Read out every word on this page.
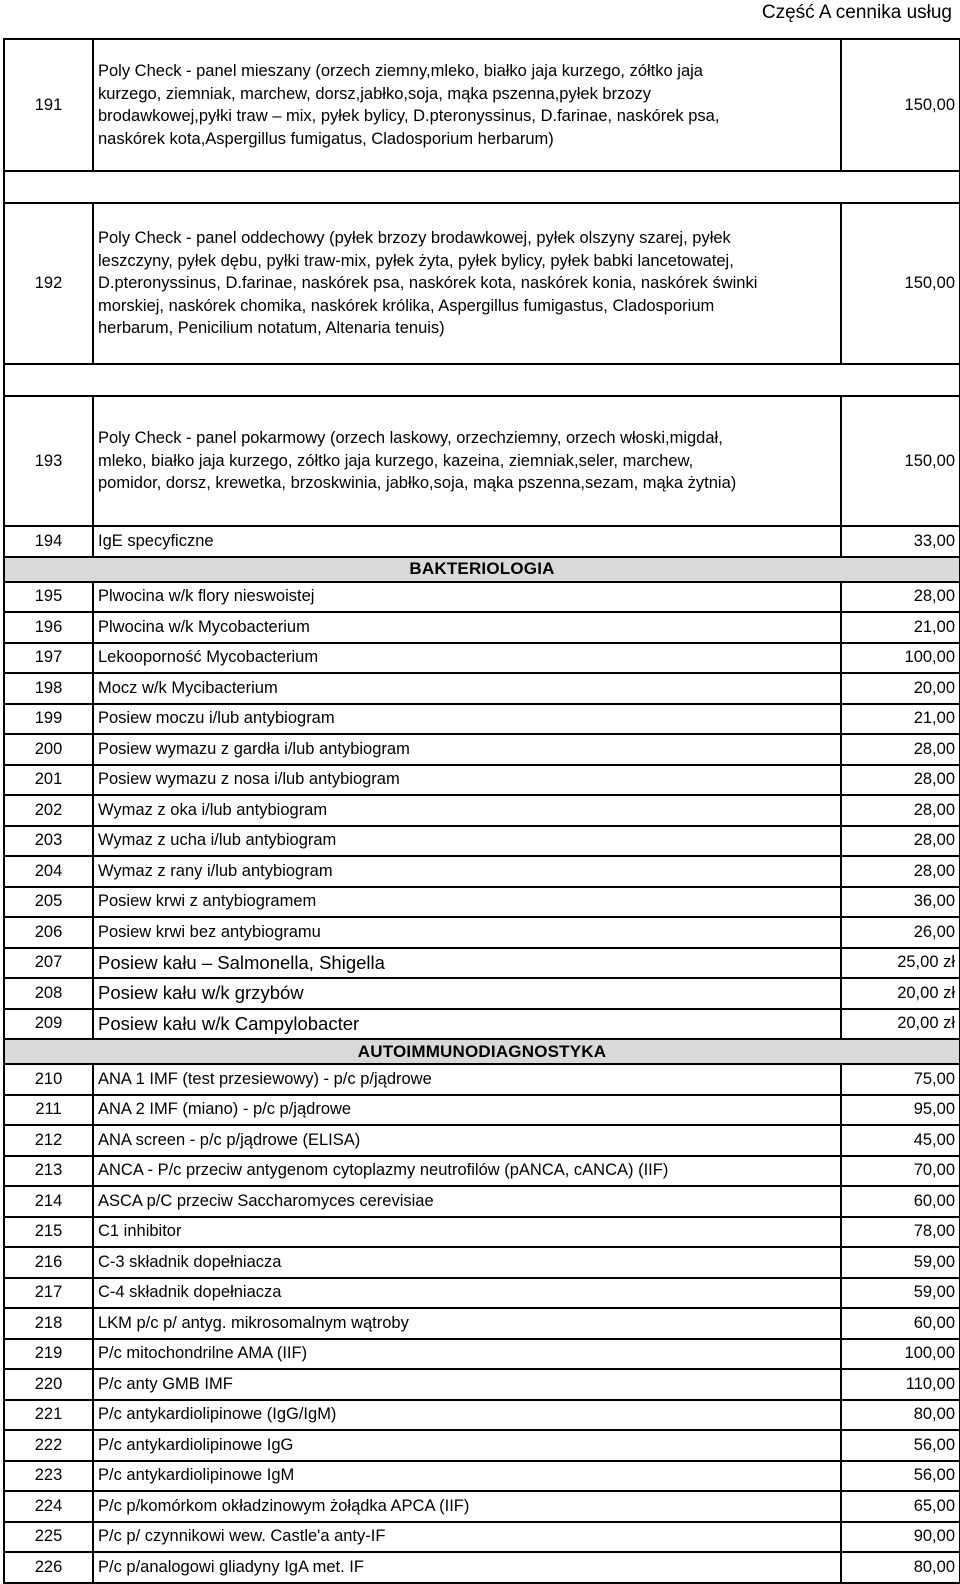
Część A cennika usług
191	Poly Check - panel mieszany (orzech ziemny,mleko, białko jaja kurzego, zółtko jaja
kurzego, ziemniak, marchew, dorsz,jabłko,soja, mąka pszenna,pyłek brzozy
brodawkowej,pyłki traw – mix, pyłek bylicy, D.pteronyssinus, D.farinae, naskórek psa,
naskórek kota,Aspergillus fumigatus, Cladosporium herbarum)	150,00

192	Poly Check - panel oddechowy (pyłek brzozy brodawkowej, pyłek olszyny szarej, pyłek
leszczyny, pyłek dębu, pyłki traw-mix, pyłek żyta, pyłek bylicy, pyłek babki lancetowatej,
D.pteronyssinus, D.farinae, naskórek psa, naskórek kota, naskórek konia, naskórek świnki
morskiej, naskórek chomika, naskórek królika, Aspergillus fumigastus, Cladosporium
herbarum, Penicilium notatum, Altenaria tenuis)	150,00

193	Poly Check - panel pokarmowy (orzech laskowy, orzechziemny, orzech włoski,migdał,
mleko, białko jaja kurzego, zółtko jaja kurzego, kazeina, ziemniak,seler, marchew,
pomidor, dorsz, krewetka, brzoskwinia, jabłko,soja, mąka pszenna,sezam, mąka żytnia)	150,00
194	IgE specyficzne	33,00
BAKTERIOLOGIA		
195	Plwocina w/k flory nieswoistej	28,00
196	Plwocina w/k Mycobacterium	21,00
197	Lekooporność Mycobacterium	100,00
198	Mocz w/k Mycibacterium	20,00
199	Posiew moczu i/lub antybiogram	21,00
200	Posiew wymazu z gardła i/lub antybiogram	28,00
201	Posiew wymazu z nosa i/lub antybiogram	28,00
202	Wymaz z oka i/lub antybiogram	28,00
203	Wymaz z ucha i/lub antybiogram	28,00
204	Wymaz z rany i/lub antybiogram	28,00
205	Posiew krwi z antybiogramem	36,00
206	Posiew krwi bez antybiogramu	26,00
207	Posiew kału – Salmonella, Shigella	25,00 zł
208	Posiew kału w/k grzybów	20,00 zł
209	Posiew kału w/k Campylobacter	20,00 zł
AUTOIMMUNODIAGNOSTYKA		
210	ANA 1 IMF (test przesiewowy) - p/c p/jądrowe	75,00
211	ANA 2 IMF (miano) - p/c p/jądrowe	95,00
212	ANA screen - p/c p/jądrowe (ELISA)	45,00
213	ANCA - P/c przeciw antygenom cytoplazmy neutrofilów (pANCA, cANCA) (IIF)	70,00
214	ASCA p/C przeciw Saccharomyces cerevisiae	60,00
215	C1 inhibitor	78,00
216	C-3 składnik dopełniacza	59,00
217	C-4 składnik dopełniacza	59,00
218	LKM p/c p/ antyg. mikrosomalnym wątroby	60,00
219	P/c mitochondrilne AMA (IIF)	100,00
220	P/c anty GMB IMF	110,00
221	P/c antykardiolipinowe (IgG/IgM)	80,00
222	P/c antykardiolipinowe IgG	56,00
223	P/c antykardiolipinowe IgM	56,00
224	P/c p/komórkom okładzinowym żołądka APCA (IIF)	65,00
225	P/c p/ czynnikowi wew. Castle'a anty-IF	90,00
226	P/c p/analogowi gliadyny IgA met. IF	80,00
